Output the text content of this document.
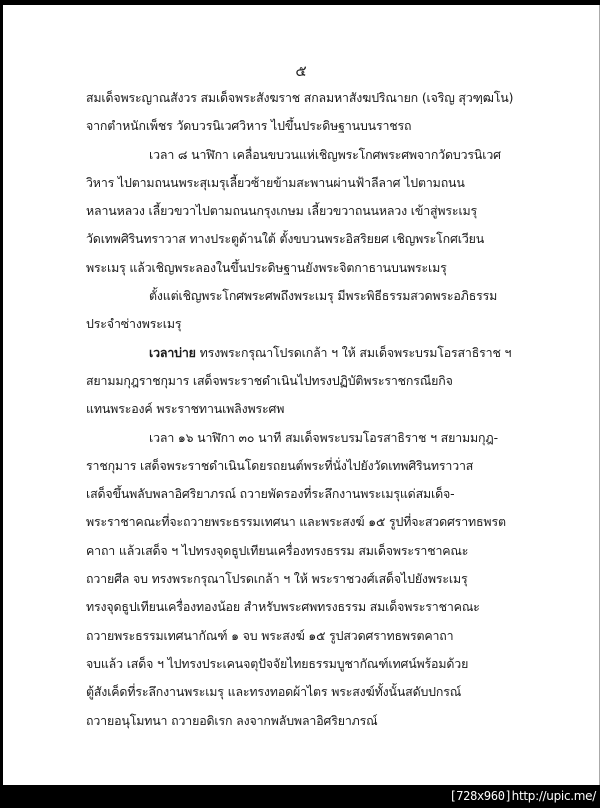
๕
สมเด็จพระญาณสังวร สมเด็จพระสังฆราช สกลมหาสังฆปริณายก (เจริญ สุวฑฺฒโน)
จากตำหนักเพ็ชร วัดบวรนิเวศวิหาร ไปขึ้นประดิษฐานบนราชรถ
เวลา ๘ นาฬิกา เคลื่อนขบวนแห่เชิญพระโกศพระศพจากวัดบวรนิเวศ
วิหาร ไปตามถนนพระสุเมรุเลี้ยวซ้ายข้ามสะพานผ่านฟ้าลีลาศ ไปตามถนน
หลานหลวง เลี้ยวขวาไปตามถนนกรุงเกษม เลี้ยวขวาถนนหลวง เข้าสู่พระเมรุ
วัดเทพศิรินทราวาส ทางประตูด้านใต้ ตั้งขบวนพระอิสริยยศ เชิญพระโกศเวียน
พระเมรุ แล้วเชิญพระลองในขึ้นประดิษฐานยังพระจิตกาธานบนพระเมรุ
ตั้งแต่เชิญพระโกศพระศพถึงพระเมรุ มีพระพิธีธรรมสวดพระอภิธรรม
ประจำซ่างพระเมรุ
เวลาบ่าย ทรงพระกรุณาโปรดเกล้า ฯ ให้ สมเด็จพระบรมโอรสาธิราช ฯ
สยามมกุฎราชกุมาร เสด็จพระราชดำเนินไปทรงปฏิบัติพระราชกรณียกิจ
แทนพระองค์ พระราชทานเพลิงพระศพ
เวลา ๑๖ นาฬิกา ๓๐ นาที สมเด็จพระบรมโอรสาธิราช ฯ สยามมกุฎ-
ราชกุมาร เสด็จพระราชดำเนินโดยรถยนต์พระที่นั่งไปยังวัดเทพศิรินทราวาส
เสด็จขึ้นพลับพลาอิศริยาภรณ์ ถวายพัดรองที่ระลึกงานพระเมรุแด่สมเด็จ-
พระราชาคณะที่จะถวายพระธรรมเทศนา และพระสงฆ์ ๑๕ รูปที่จะสวดศราทธพรต
คาถา แล้วเสด็จ ฯ ไปทรงจุดธูปเทียนเครื่องทรงธรรม สมเด็จพระราชาคณะ
ถวายศีล จบ ทรงพระกรุณาโปรดเกล้า ฯ ให้ พระราชวงศ์เสด็จไปยังพระเมรุ
ทรงจุดธูปเทียนเครื่องทองน้อย สำหรับพระศพทรงธรรม สมเด็จพระราชาคณะ
ถวายพระธรรมเทศนากัณฑ์ ๑ จบ พระสงฆ์ ๑๕ รูปสวดศราทธพรตคาถา
จบแล้ว เสด็จ ฯ ไปทรงประเคนจตุปัจจัยไทยธรรมบูชากัณฑ์เทศน์พร้อมด้วย
ตู้สังเค็ดที่ระลึกงานพระเมรุ และทรงทอดผ้าไตร พระสงฆ์ทั้งนั้นสดับปกรณ์
ถวายอนุโมทนา ถวายอดิเรก ลงจากพลับพลาอิศริยาภรณ์
[728x960]http://upic.me/
